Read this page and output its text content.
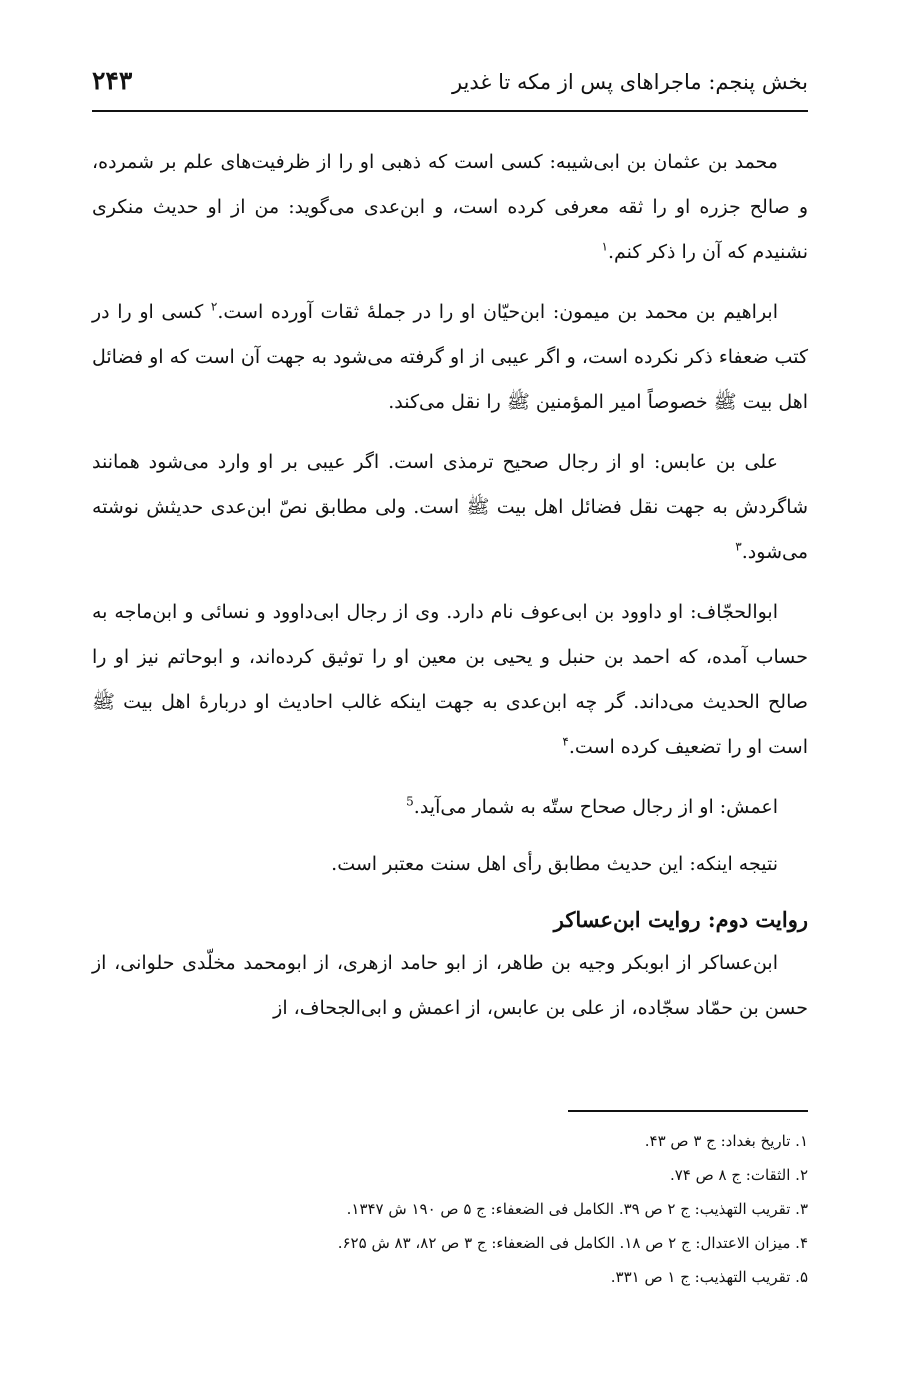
بخش پنجم: ماجراهای پس از مکه تا غدیر
۲۴۳

محمد بن عثمان بن ابی‌شیبه: کسی است که ذهبی او را از ظرفیت‌های علم بر شمرده، و صالح جزره او را ثقه معرفی کرده است، و ابن‌عدی می‌گوید: من از او حدیث منکری نشنیدم که آن را ذکر کنم.$^۱$

ابراهیم بن محمد بن میمون: ابن‌حیّان او را در جملهٔ ثقات آورده است.$^۲$ کسی او را در کتب ضعفاء ذکر نکرده است، و اگر عیبی از او گرفته می‌شود به جهت آن است که او فضائل اهل بیت ﷺ خصوصاً امیر المؤمنین ﷺ را نقل می‌کند.

علی بن عابس: او از رجال صحیح ترمذی است. اگر عیبی بر او وارد می‌شود همانند شاگردش به جهت نقل فضائل اهل بیت ﷺ است. ولی مطابق نصّ ابن‌عدی حدیثش نوشته می‌شود.$^۳$

ابوالحجّاف: او داوود بن ابی‌عوف نام دارد. وی از رجال ابی‌داوود و نسائی و ابن‌ماجه به حساب آمده، که احمد بن حنبل و یحیی بن معین او را توثیق کرده‌اند، و ابوحاتم نیز او را صالح الحدیث می‌داند. گر چه ابن‌عدی به جهت اینکه غالب احادیث او دربارهٔ اهل بیت ﷺ است او را تضعیف کرده است.$^۴$

اعمش: او از رجال صحاح ستّه به شمار می‌آید.$^5$

نتیجه اینکه: این حدیث مطابق رأی اهل سنت معتبر است.

روایت دوم: روایت ابن‌عساکر

ابن‌عساکر از ابوبکر وجیه بن طاهر، از ابو حامد ازهری، از ابومحمد مخلّدی حلوانی، از حسن بن حمّاد سجّاده، از علی بن عابس، از اعمش و ابی‌الجحاف، از

۱. تاریخ بغداد: ج ۳ ص ۴۳.
۲. الثقات: ج ۸ ص ۷۴.
۳. تقریب التهذیب: ج ۲ ص ۳۹. الکامل فی الضعفاء: ج ۵ ص ۱۹۰ ش ۱۳۴۷.
۴. میزان الاعتدال: ج ۲ ص ۱۸. الکامل فی الضعفاء: ج ۳ ص ۸۲، ۸۳ ش ۶۲۵.
۵. تقریب التهذیب: ج ۱ ص ۳۳۱.
